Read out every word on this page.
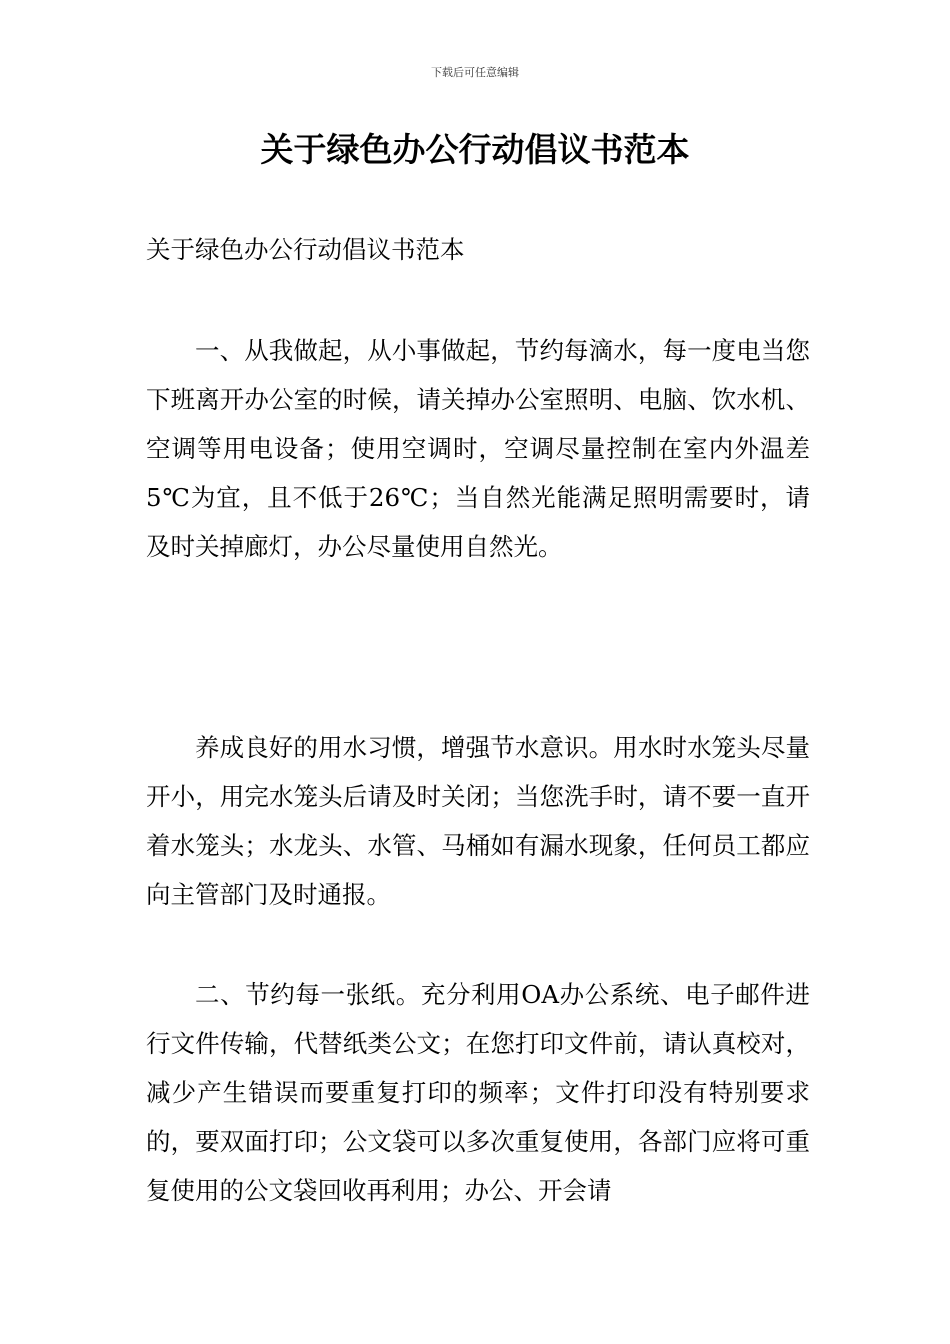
下载后可任意编辑
关于绿色办公行动倡议书范本

关于绿色办公行动倡议书范本

一、从我做起，从小事做起，节约每滴水，每一度电当您下班离开办公室的时候，请关掉办公室照明、电脑、饮水机、空调等用电设备；使用空调时，空调尽量控制在室内外温差5℃为宜，且不低于26℃；当自然光能满足照明需要时，请及时关掉廊灯，办公尽量使用自然光。

养成良好的用水习惯，增强节水意识。用水时水笼头尽量开小，用完水笼头后请及时关闭；当您洗手时，请不要一直开着水笼头；水龙头、水管、马桶如有漏水现象，任何员工都应向主管部门及时通报。

二、节约每一张纸。充分利用OA办公系统、电子邮件进行文件传输，代替纸类公文；在您打印文件前，请认真校对，减少产生错误而要重复打印的频率；文件打印没有特别要求的，要双面打印；公文袋可以多次重复使用，各部门应将可重复使用的公文袋回收再利用；办公、开会请
